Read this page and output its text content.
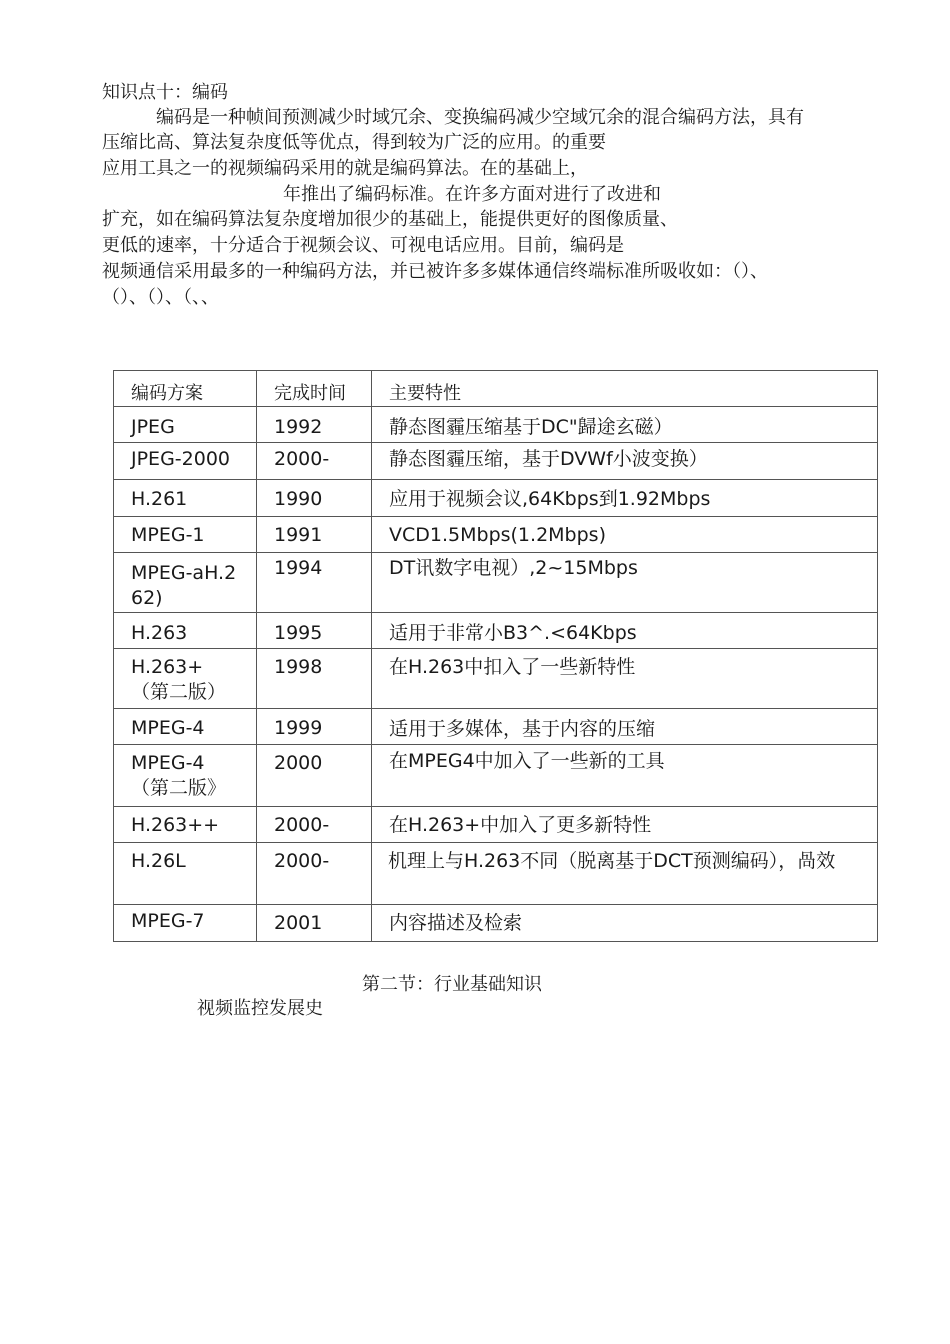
知识点十：编码
编码是一种帧间预测减少时域冗余、变换编码减少空域冗余的混合编码方法，具有
压缩比高、算法复杂度低等优点，得到较为广泛的应用。的重要
应用工具之一的视频编码采用的就是编码算法。在的基础上，
年推出了编码标准。在许多方面对进行了改进和
扩充，如在编码算法复杂度增加很少的基础上，能提供更好的图像质量、
更低的速率，十分适合于视频会议、可视电话应用。目前，编码是
视频通信采用最多的一种编码方法，并已被许多多媒体通信终端标准所吸收如：（）、
（）、（）、（、、
编码方案	完成时间	主要特性

JPEG	1992	静态图霾压缩基于DC"歸途玄磁）

JPEG-2000	2000-	静态图霾压缩，基于DVWf小波变换）

H.261	1990	应用于视频会议,64Kbps到1.92Mbps

MPEG-1	1991	VCD1.5Mbps(1.2Mbps)

MPEG-aH.262)	1994	DT讯数字电视）,2~15Mbps

H.263	1995	适用于非常小B3^.<64Kbps

H.263+（第二版）	1998	在H.263中扣入了一些新特性

MPEG-4	1999	适用于多媒体，基于内容的压缩

MPEG-4（第二版》	2000	在MPEG4中加入了一些新的工具

H.263++	2000-	在H.263+中加入了更多新特性

H.26L	2000-	机理上与H.263不同（脱离基于DCT预测编码），咼效

MPEG-7	2001	内容描述及检索
第二节：行业基础知识
视频监控发展史
